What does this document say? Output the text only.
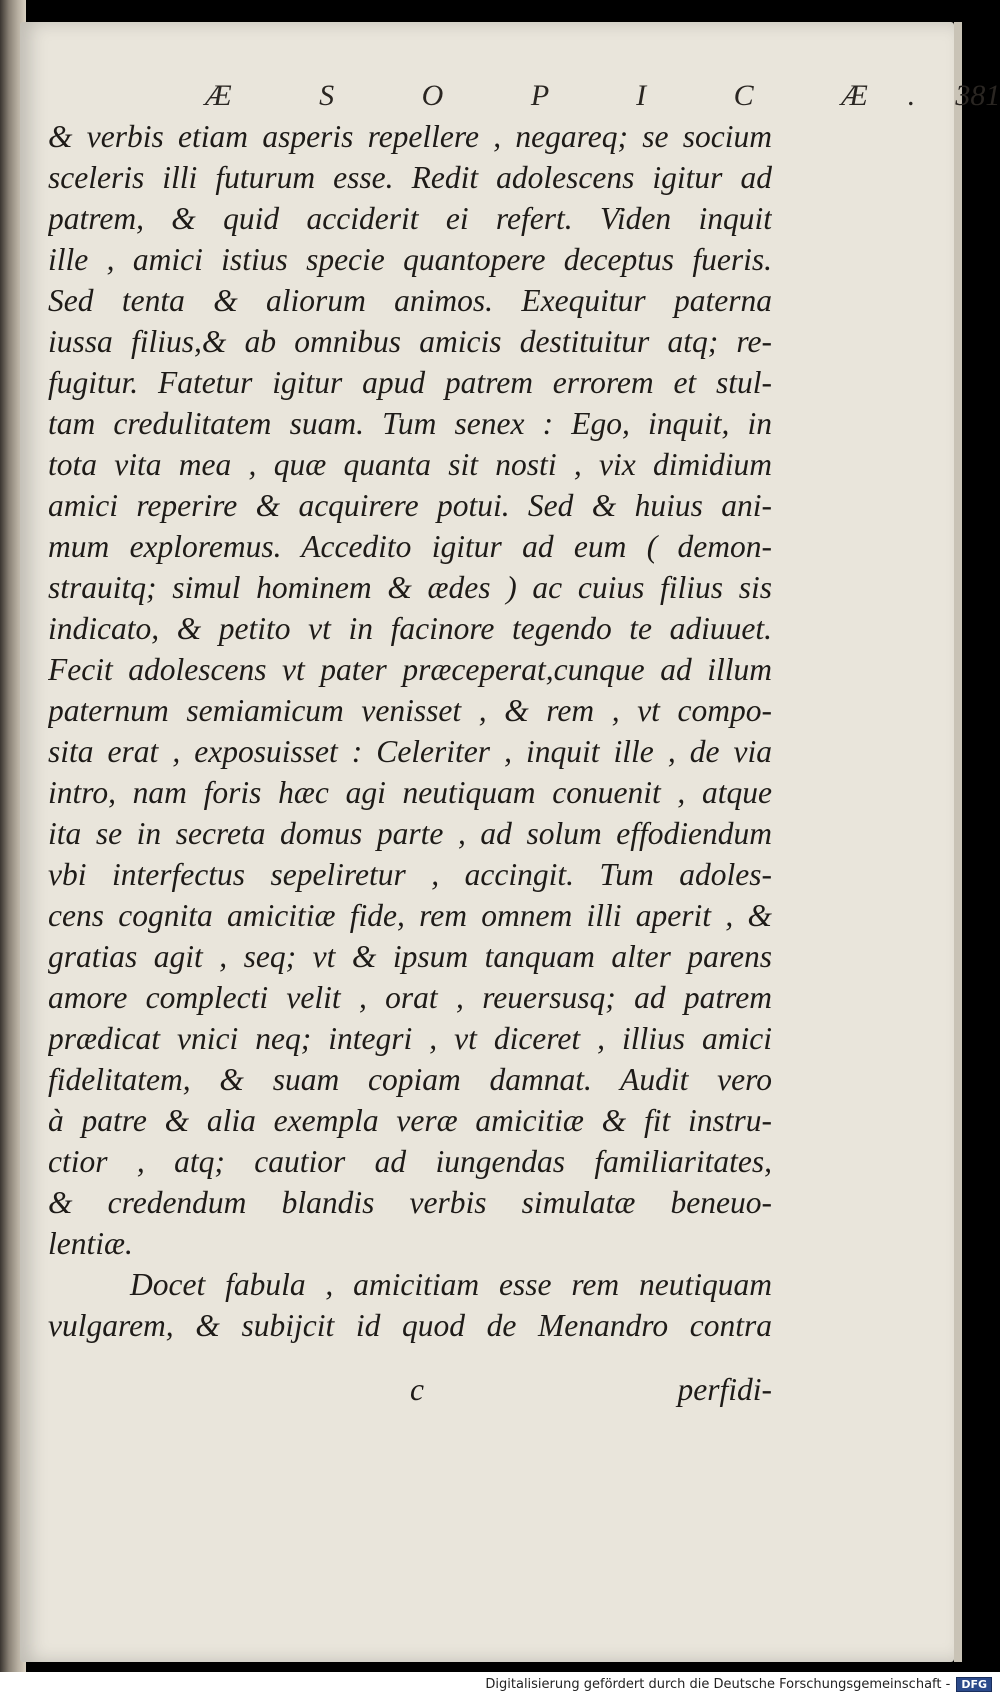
Æ S O P I C Æ. 381
& verbis etiam asperis repellere , negareq; se socium
sceleris illi futurum esse. Redit adolescens igitur ad
patrem, & quid acciderit ei refert. Viden inquit
ille , amici istius specie quantopere deceptus fueris.
Sed tenta & aliorum animos. Exequitur paterna
iussa filius,& ab omnibus amicis destituitur atq; re-
fugitur. Fatetur igitur apud patrem errorem et stul-
tam credulitatem suam. Tum senex : Ego, inquit, in
tota vita mea , quæ quanta sit nosti , vix dimidium
amici reperire & acquirere potui. Sed & huius ani-
mum exploremus. Accedito igitur ad eum ( demon-
strauitq; simul hominem & ædes ) ac cuius filius sis
indicato, & petito vt in facinore tegendo te adiuuet.
Fecit adolescens vt pater præceperat,cunque ad illum
paternum semiamicum venisset , & rem , vt compo-
sita erat , exposuisset : Celeriter , inquit ille , de via
intro, nam foris hæc agi neutiquam conuenit , atque
ita se in secreta domus parte , ad solum effodiendum
vbi interfectus sepeliretur , accingit. Tum adoles-
cens cognita amicitiæ fide, rem omnem illi aperit , &
gratias agit , seq; vt & ipsum tanquam alter parens
amore complecti velit , orat , reuersusq; ad patrem
prædicat vnici neq; integri , vt diceret , illius amici
fidelitatem, & suam copiam damnat. Audit vero
à patre & alia exempla veræ amicitiæ & fit instru-
ctior , atq; cautior ad iungendas familiaritates,
& credendum blandis verbis simulatæ beneuo-
lentiæ.
Docet fabula , amicitiam esse rem neutiquam
vulgarem, & subijcit id quod de Menandro contra
c	perfidi-
Digitalisierung gefördert durch die Deutsche Forschungsgemeinschaft -	DFG
